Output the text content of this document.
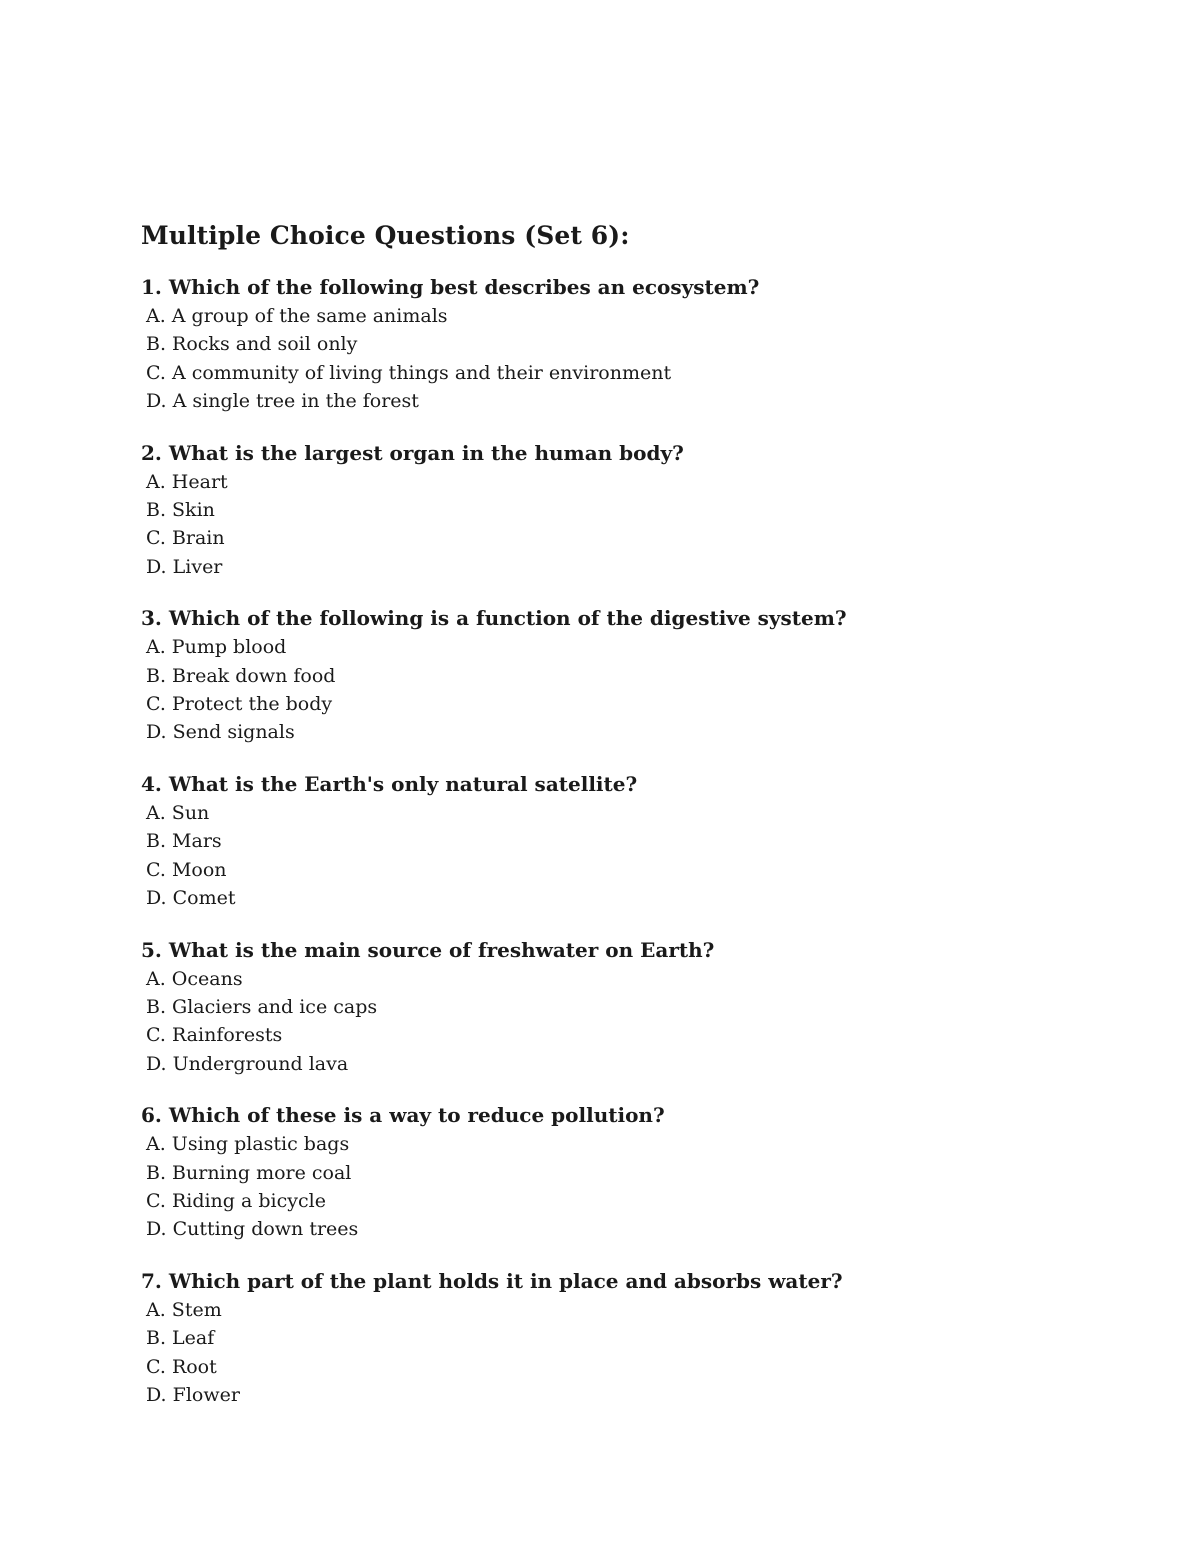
Multiple Choice Questions (Set 6):

1. Which of the following best describes an ecosystem?

A. A group of the same animals
B. Rocks and soil only
C. A community of living things and their environment
D. A single tree in the forest

2. What is the largest organ in the human body?

A. Heart
B. Skin
C. Brain
D. Liver

3. Which of the following is a function of the digestive system?

A. Pump blood
B. Break down food
C. Protect the body
D. Send signals

4. What is the Earth's only natural satellite?

A. Sun
B. Mars
C. Moon
D. Comet

5. What is the main source of freshwater on Earth?

A. Oceans
B. Glaciers and ice caps
C. Rainforests
D. Underground lava

6. Which of these is a way to reduce pollution?

A. Using plastic bags
B. Burning more coal
C. Riding a bicycle
D. Cutting down trees

7. Which part of the plant holds it in place and absorbs water?

A. Stem
B. Leaf
C. Root
D. Flower
